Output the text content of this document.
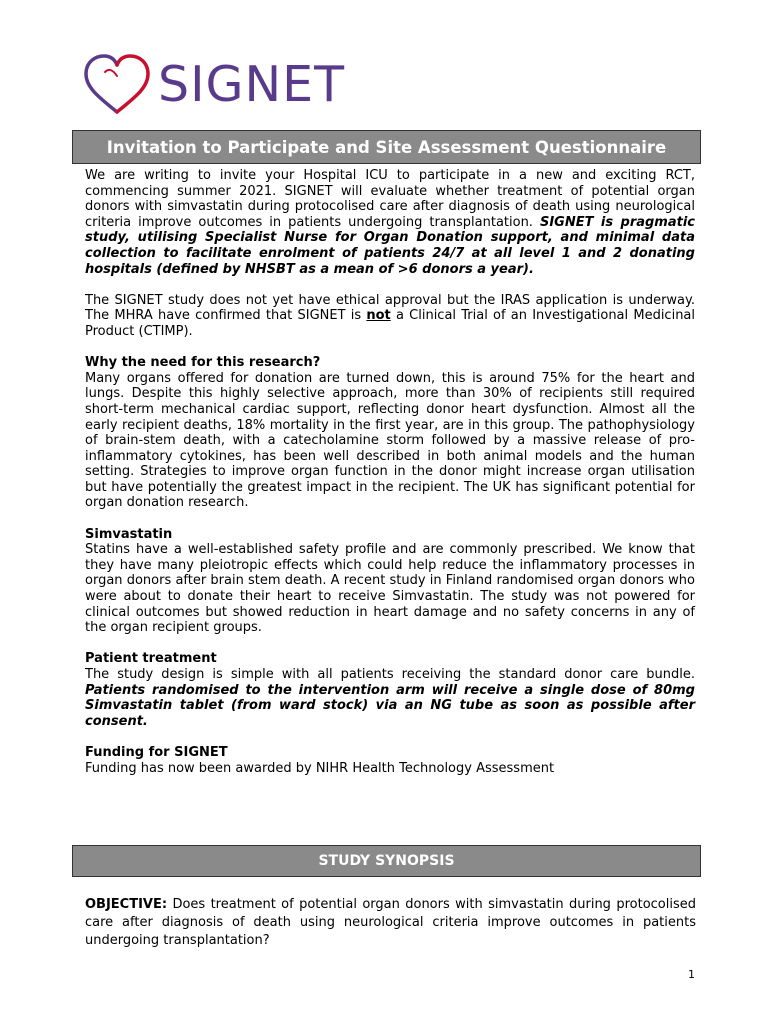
SIGNET
Invitation to Participate and Site Assessment Questionnaire

We are writing to invite your Hospital ICU to participate in a new and exciting RCT, commencing summer 2021. SIGNET will evaluate whether treatment of potential organ donors with simvastatin during protocolised care after diagnosis of death using neurological criteria improve outcomes in patients undergoing transplantation. SIGNET is pragmatic study, utilising Specialist Nurse for Organ Donation support, and minimal data collection to facilitate enrolment of patients 24/7 at all level 1 and 2 donating hospitals (defined by NHSBT as a mean of >6 donors a year).

The SIGNET study does not yet have ethical approval but the IRAS application is underway. The MHRA have confirmed that SIGNET is not a Clinical Trial of an Investigational Medicinal Product (CTIMP).

Why the need for this research?

Many organs offered for donation are turned down, this is around 75% for the heart and lungs. Despite this highly selective approach, more than 30% of recipients still required short-term mechanical cardiac support, reflecting donor heart dysfunction. Almost all the early recipient deaths, 18% mortality in the first year, are in this group. The pathophysiology of brain-stem death, with a catecholamine storm followed by a massive release of pro-inflammatory cytokines, has been well described in both animal models and the human setting. Strategies to improve organ function in the donor might increase organ utilisation but have potentially the greatest impact in the recipient. The UK has significant potential for organ donation research.

Simvastatin

Statins have a well-established safety profile and are commonly prescribed. We know that they have many pleiotropic effects which could help reduce the inflammatory processes in organ donors after brain stem death. A recent study in Finland randomised organ donors who were about to donate their heart to receive Simvastatin. The study was not powered for clinical outcomes but showed reduction in heart damage and no safety concerns in any of the organ recipient groups.

Patient treatment

The study design is simple with all patients receiving the standard donor care bundle. Patients randomised to the intervention arm will receive a single dose of 80mg Simvastatin tablet (from ward stock) via an NG tube as soon as possible after consent.

Funding for SIGNET

Funding has now been awarded by NIHR Health Technology Assessment

STUDY SYNOPSIS

OBJECTIVE: Does treatment of potential organ donors with simvastatin during protocolised care after diagnosis of death using neurological criteria improve outcomes in patients undergoing transplantation?

1
